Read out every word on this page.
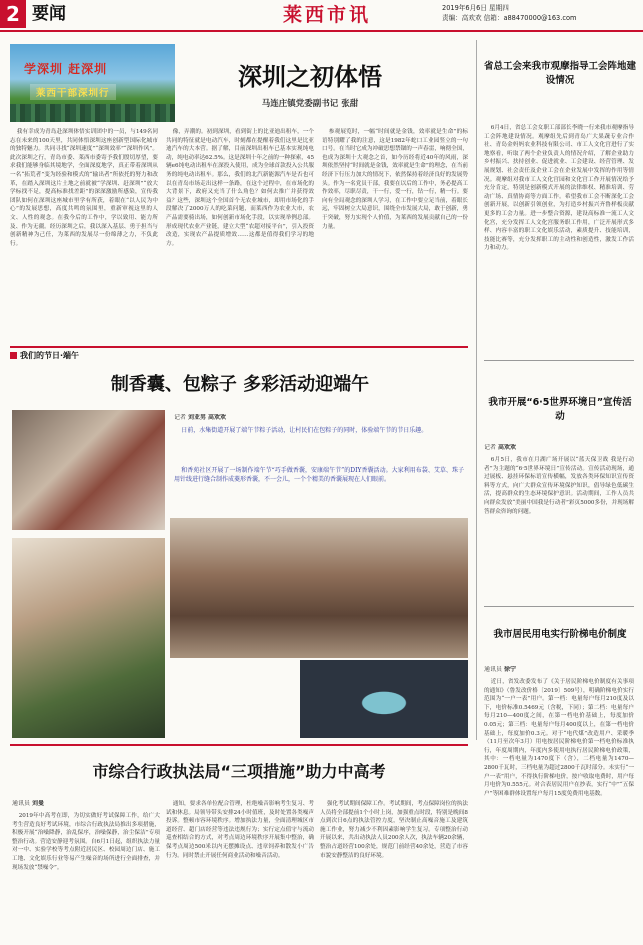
2 要闻	莱西市讯	2019年6月6日 星期四
责编：高欢欢 信箱：a88470000@163.com
学深圳 赶深圳
莱西干部深圳行
深圳之初体悟
马连庄镇党委副书记 张甜

我有幸成为青岛赴深圳体悟实训团中的一员，与149名同志在未来的100天里，共同体悟深圳这座创新型国际化城市的独特魅力。共同寻找“深圳速度”“深圳效率”“深圳作风”。此次深圳之行，青岛市委、莱西市委寄予我们殷切厚望，要求我们能够身临其境地学，全面深度地学，真正带着深圳从一名“拓荒者”变为经验和模式的“输出者”所依托的努力和改革，在踏入深圳这片土地之前就被“学深圳、赶深圳”“放大学标找不足，提高标准找差距”的深深激励所感染，宣传我团队如何在深圳这座城市里学有所获，着眼在“以人民为中心”的发展思想，高度共鸣的氛围里，重新审视这里的人文、人性的观念。在我今后的工作中，学以致用、能力所及、作为无疆。经历深圳之后，我以深入基层、勇于担当与创新精神为己任，为莱西的发展尽一份绵薄之力，不负此行。

像，弄潮的。初到深圳，看到街上的比亚迪出租车，一个共同的特征就是电动汽车，时刻都在提醒着我们这里是比亚迪汽车的大本营。据了解，目前深圳出租车已基本实现纯电动，纯电动率达62.5%。这是深圳十年之前的一种探索，45辆e6纯电动出租车在深投入使用，成为全球首款投入公共服务的纯电动出租车。那么，我们的北汽新能源汽车是否也可以在青岛市场走出这样一条路，在这个过程中，在市场化的大背景下，政府又充当了什么角色？如何去推广并获得效益？这些，深圳这个全国首个无农业城市，却用市场化的手段解决了2000万人的吃菜问题，而莱西作为农业大市，农产品需要骑出场，如何创新市场化手段，以实现举例总部。形成现代农业产业链，建立大型“农超对接平台”，引入投资改造，实现农产品提质增效……这都是值得我们学习的地方。

参观展览时，一幅“时间就是金钱，效率就是生命”的标语特别耀了我的注意，这是1982年蛇口工业园竖立的一句口号。在当时它成为冲破思想禁锢的一声春雷，响彻全国，也成为深圳十大观念之首，如今历经将近40年的风雨，深圳依然坚持“时间就是金钱，效率就是生命”的理念，在当前经济下行压力加大的情况下，依然保持着经济良好的发展势头。作为一名党员干部，我要在以后的工作中，务必提高工作效率，尽职尽责，干一行，爱一行，钻一行，精一行。要向有全局观念的深圳人学习，在工作中要立足当前，着眼长远，牢固树立大局意识，围绕全市发展大局，敢于创新，勇于突破，努力实现个人价值，为莱西的发展贡献自己的一份力量。

省总工会来我市观摩指导工会阵地建设情况

6月4日，省总工会女职工部部长李晓一行来我市观摩指导工会阵地建设情况。观摩组先后到青岛广大果蔬专业合作社、青岛金妈妈农业科技有限公司、市工人文化宫进行了实地察看，听取了两个企业负责人的情况介绍，了解企业助力乡村振兴、扶持创业、促进就业、工会建设、经营管理、发展规划、社会责任及企业工会在企业发展中发挥的作用等情况。观摩组对我市工人文化宫园和文化宫工作开展情况给予充分肯定，特别是创新模式开展的法律维权、精准培训、劳动广场、真情协商等方面工作。希望我市工会不断深化工会创新开展，以创新引领创业，为打造乡村振兴齐鲁样板贡献更多的工会力量。进一步整合资源，建设高标准一流工人文化宫，充分发挥工人文化宫服务职工作用，广泛开展形式多样、内容丰富的职工文化娱乐活动，素质提升、技能培训，技能比赛等，充分发挥职工的主动性和创造性，激发工作活力和动力。

我市开展“6·5世界环境日”宣传活动
记者 高欢欢

6月5日，我市在月湖广场开展以“蓝天保卫战 我是行动者”为主题的“6·5世界环境日”宣传活动。宣传活动现场，通过展板、悬挂环保标语宣传横幅，发放各类环保知识宣传资料等方式，向广大群众宣传环境保护知识，倡导绿色低碳生活，提高群众的生态环境保护意识。活动期间，工作人员共向群众发放“美丽中国我是行动者”彩页5000多份，并现场解答群众咨询的问题。

我市居民用电实行阶梯电价制度
通讯员 徐宁

近日，省发改委发布了《关于居民阶梯电价制度有关事项的通知》（鲁发改价格〔2019〕509号），明确阶梯电价实行范围为“一户一表”用户。第一档：电量每户每月210度及以下，电价标准0.5469元（含税，下同）；第二档：电量每户每月210—400度之间，在第一档电价基础上，每度加价0.05元；第三档：电量每户每月400度以上，在第一档电价基础上，每度加价0.3元。对于“电代煤”改造用户、采暖季（11月至次年3月）用电按居民阶梯电价第一档电价标准执行，年度周期内，年度内多使用电执行居民阶梯电价政策，其中：一档电量为1470度下（含），二档电量为1470—2800千瓦时，三档电量为超过2800千瓦时部分。未实行“一户一表”用户，不得执行阶梯电价，按户收取电费时，用户每月电价为0.555元。对合表居民用户在抄表，实行“中”“五保户”等困难群体设置每户每月15度免费用电基数。

我们的节日·端午
制香囊、包粽子 多彩活动迎端午
记者 刘亚男 高欢欢

日前，水集街道开展了端午节粽子活动，让村民们在包粽子的同时，体验端午节的节日乐趣。

和香苑社区开展了一场制作端午节“巧手做香囊，安康端午节”的DIY香囊活动。大家利用布袋、艾草、珠子用针线进行缝合制作成菱形香囊，不一会儿，一个个精美的香囊展现在人们眼前。

市综合行政执法局“三项措施”助力中高考
通讯员 刘曼

2019年中高考在即，为切实做好考试保障工作，给广大考生营造良好考试环境，市综合行政执法局推出多项措施，积极开展“治噪降静，治乱保序，治噪保静，治尘保洁”专项整治行动。营造安静迎考氛围。自6月1日起，组织执法力量对一中、实验学校等考点附近居民区、校园周边门店、施工工地、文化娱乐行业等易产生噪音的场所进行全面排查，并现场发放“禁噪令”。

通知，要求各单位配合管理，杜绝噪音影响考生复习、考试和休息。局领导带头安排24小时值班，及时处置各类噪声投诉。整顿市容环境秩序。增加执法力量，全面清理城区市道经营、超门店经营等违法违规行为；实行定点值守与流动巡查相结合的方式，对考点周边环境秩序开展集中整治，确保考点周边500米以内无摆摊设点、违章饲养和散发小广告行为。同时禁止开展任何商业活动和噪音活动。

强化考试期间保障工作。考试期间，考点保障岗位的执法人员将全部提前1个小时上岗，加强重点时段，特别是晚间8点到次日6点的执法管控力度，坚决制止高噪音施工及建筑施工作业，努力减少不利因素影响学生复习。专项整治行动开展以来，共出动执法人员200余人次，执法车辆20余辆，整治占道经营100余处，规范门前经营40余处，营造了市容市貌安静整洁的良好环境。
